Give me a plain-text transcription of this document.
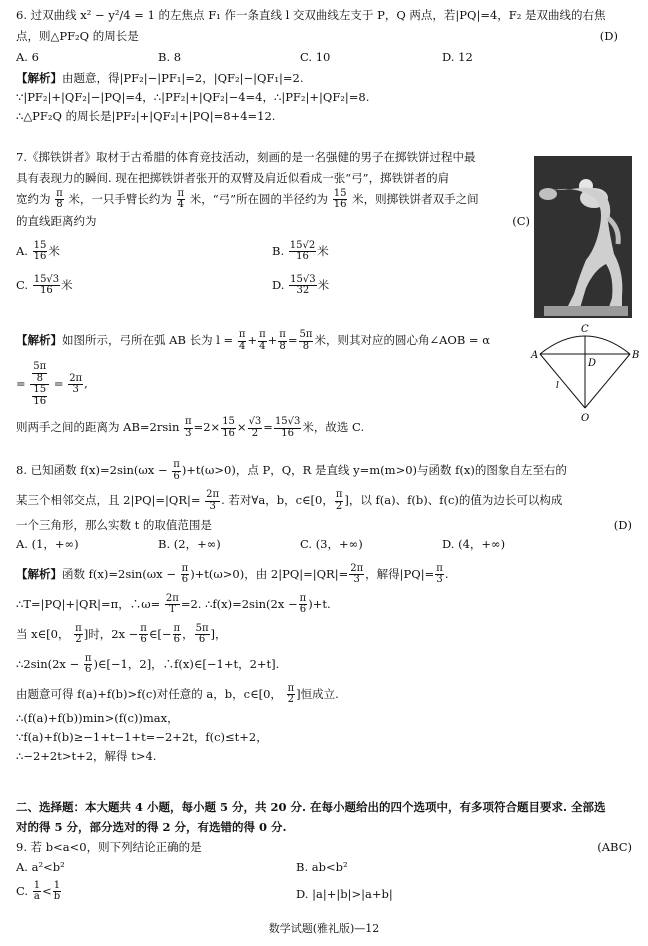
6. 过双曲线 x² − y²/4 = 1 的左焦点 F₁ 作一条直线 l 交双曲线左支于 P，Q 两点，若|PQ|=4，F₂ 是双曲线的右焦
点，则△PF₂Q 的周长是	(D)
A. 6	B. 8	C. 10	D. 12
【解析】由题意，得|PF₂|−|PF₁|=2，|QF₂|−|QF₁|=2.
∵|PF₂|+|QF₂|−|PQ|=4，∴|PF₂|+|QF₂|−4=4，∴|PF₂|+|QF₂|=8.
∴△PF₂Q 的周长是|PF₂|+|QF₂|+|PQ|=8+4=12.
7.《掷铁饼者》取材于古希腊的体育竞技活动，刻画的是一名强健的男子在掷铁饼过程中最
具有表现力的瞬间. 现在把掷铁饼者张开的双臂及肩近似看成一张“弓”，掷铁饼者的肩
宽约为 $\frac{\pi}{8}$ 米，一只手臂长约为 $\frac{\pi}{4}$ 米，“弓”所在圆的半径约为 $\frac{15}{16}$ 米，则掷铁饼者双手之间
的直线距离约为	(C)
A. $\frac{15}{16}$ 米	B. $\frac{15√2}{16}$ 米
C. $\frac{15√3}{16}$ 米	D. $\frac{15√3}{32}$ 米
【解析】如图所示，弓所在弧 AB 长为 $l = \frac{\pi}{4} + \frac{\pi}{4} + \frac{\pi}{8} = \frac{5\pi}{8}$ 米，则其对应的圆心角∠AOB = α
= $\frac{\frac{5\pi}{8}}{\frac{15}{16}} = \frac{2\pi}{3}$ ,
则两手之间的距离为 $AB=2rsin \frac{\pi}{3} =2\times \frac{15}{16} \times \frac{√3}{2} = \frac{15√3}{16}$ 米，故选 C.
A	B
C
D
O
l
8. 已知函数 $f(x)=2\sin(\omega x - \frac{\pi}{6} )+t(\omega>0)$，点 P，Q，R 是直线 y=m(m>0)与函数 f(x)的图象自左至右的
某三个相邻交点，且 $2|PQ|=|QR|= \frac{2\pi}{3}$ . 若对∀a，b，c∈[0， $\frac{\pi}{2}$ ]，以 f(a)、f(b)、f(c)的值为边长可以构成
一个三角形，那么实数 t 的取值范围是	(D)
A. (1，+∞)	B. (2，+∞)	C. (3，+∞)	D. (4，+∞)
【解析】函数 $f(x)=2\sin(\omega x - \frac{\pi}{6} )+t(\omega>0)$，由 $2|PQ|=|QR|= \frac{2\pi}{3}$ ，解得$|PQ|= \frac{\pi}{3}$ .
∴T=|PQ|+|QR|=π，∴ω= $\frac{2\pi}{T} =2$. ∴f(x)=2sin(2x − $\frac{\pi}{6} )+t$.
当 x∈[0， $\frac{\pi}{2}$ ]时，$2x - \frac{\pi}{6}$ ∈[− $\frac{\pi}{6}$ ， $\frac{5\pi}{6}$ ]，
∴2sin(2x − $\frac{\pi}{6}$ )∈[−1，2]，∴f(x)∈[−1+t，2+t].
由题意可得 f(a)+f(b)>f(c)对任意的 a，b，c∈[0， $\frac{\pi}{2}$ ]恒成立.
∴(f(a)+f(b))min>(f(c))max，
∵f(a)+f(b)≥−1+t−1+t=−2+2t，f(c)≤t+2，
∴−2+2t>t+2，解得 t>4.
二、选择题：本大题共 4 小题，每小题 5 分，共 20 分. 在每小题给出的四个选项中，有多项符合题目要求. 全部选
对的得 5 分，部分选对的得 2 分，有选错的得 0 分.
9. 若 b<a<0，则下列结论正确的是	(ABC)
A. a²<b²	B. ab<b²
C. $\frac{1}{a} < \frac{1}{b}$	D. |a|+|b|>|a+b|
数学试题(雅礼版)—12
